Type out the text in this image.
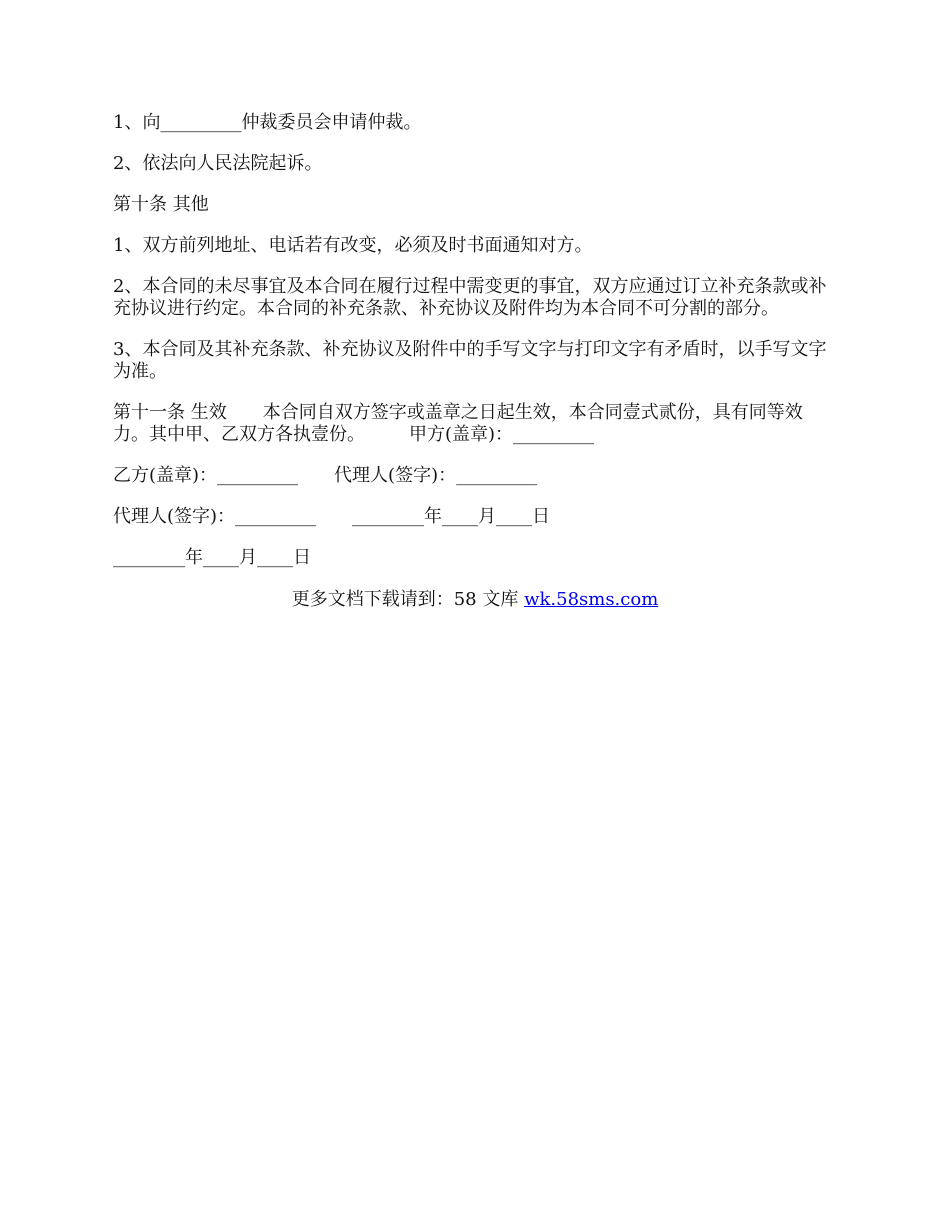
1、向_________仲裁委员会申请仲裁。

2、依法向人民法院起诉。

第十条 其他

1、双方前列地址、电话若有改变，必须及时书面通知对方。

2、本合同的未尽事宜及本合同在履行过程中需变更的事宜，双方应通过订立补充条款或补充协议进行约定。本合同的补充条款、补充协议及附件均为本合同不可分割的部分。

3、本合同及其补充条款、补充协议及附件中的手写文字与打印文字有矛盾时，以手写文字为准。

第十一条 生效 本合同自双方签字或盖章之日起生效，本合同壹式贰份，具有同等效力。其中甲、乙双方各执壹份。 甲方(盖章)：_________

乙方(盖章)：_________ 代理人(签字)：_________

代理人(签字)：_________ ________年____月____日

________年____月____日

更多文档下载请到：58 文库 wk.58sms.com
